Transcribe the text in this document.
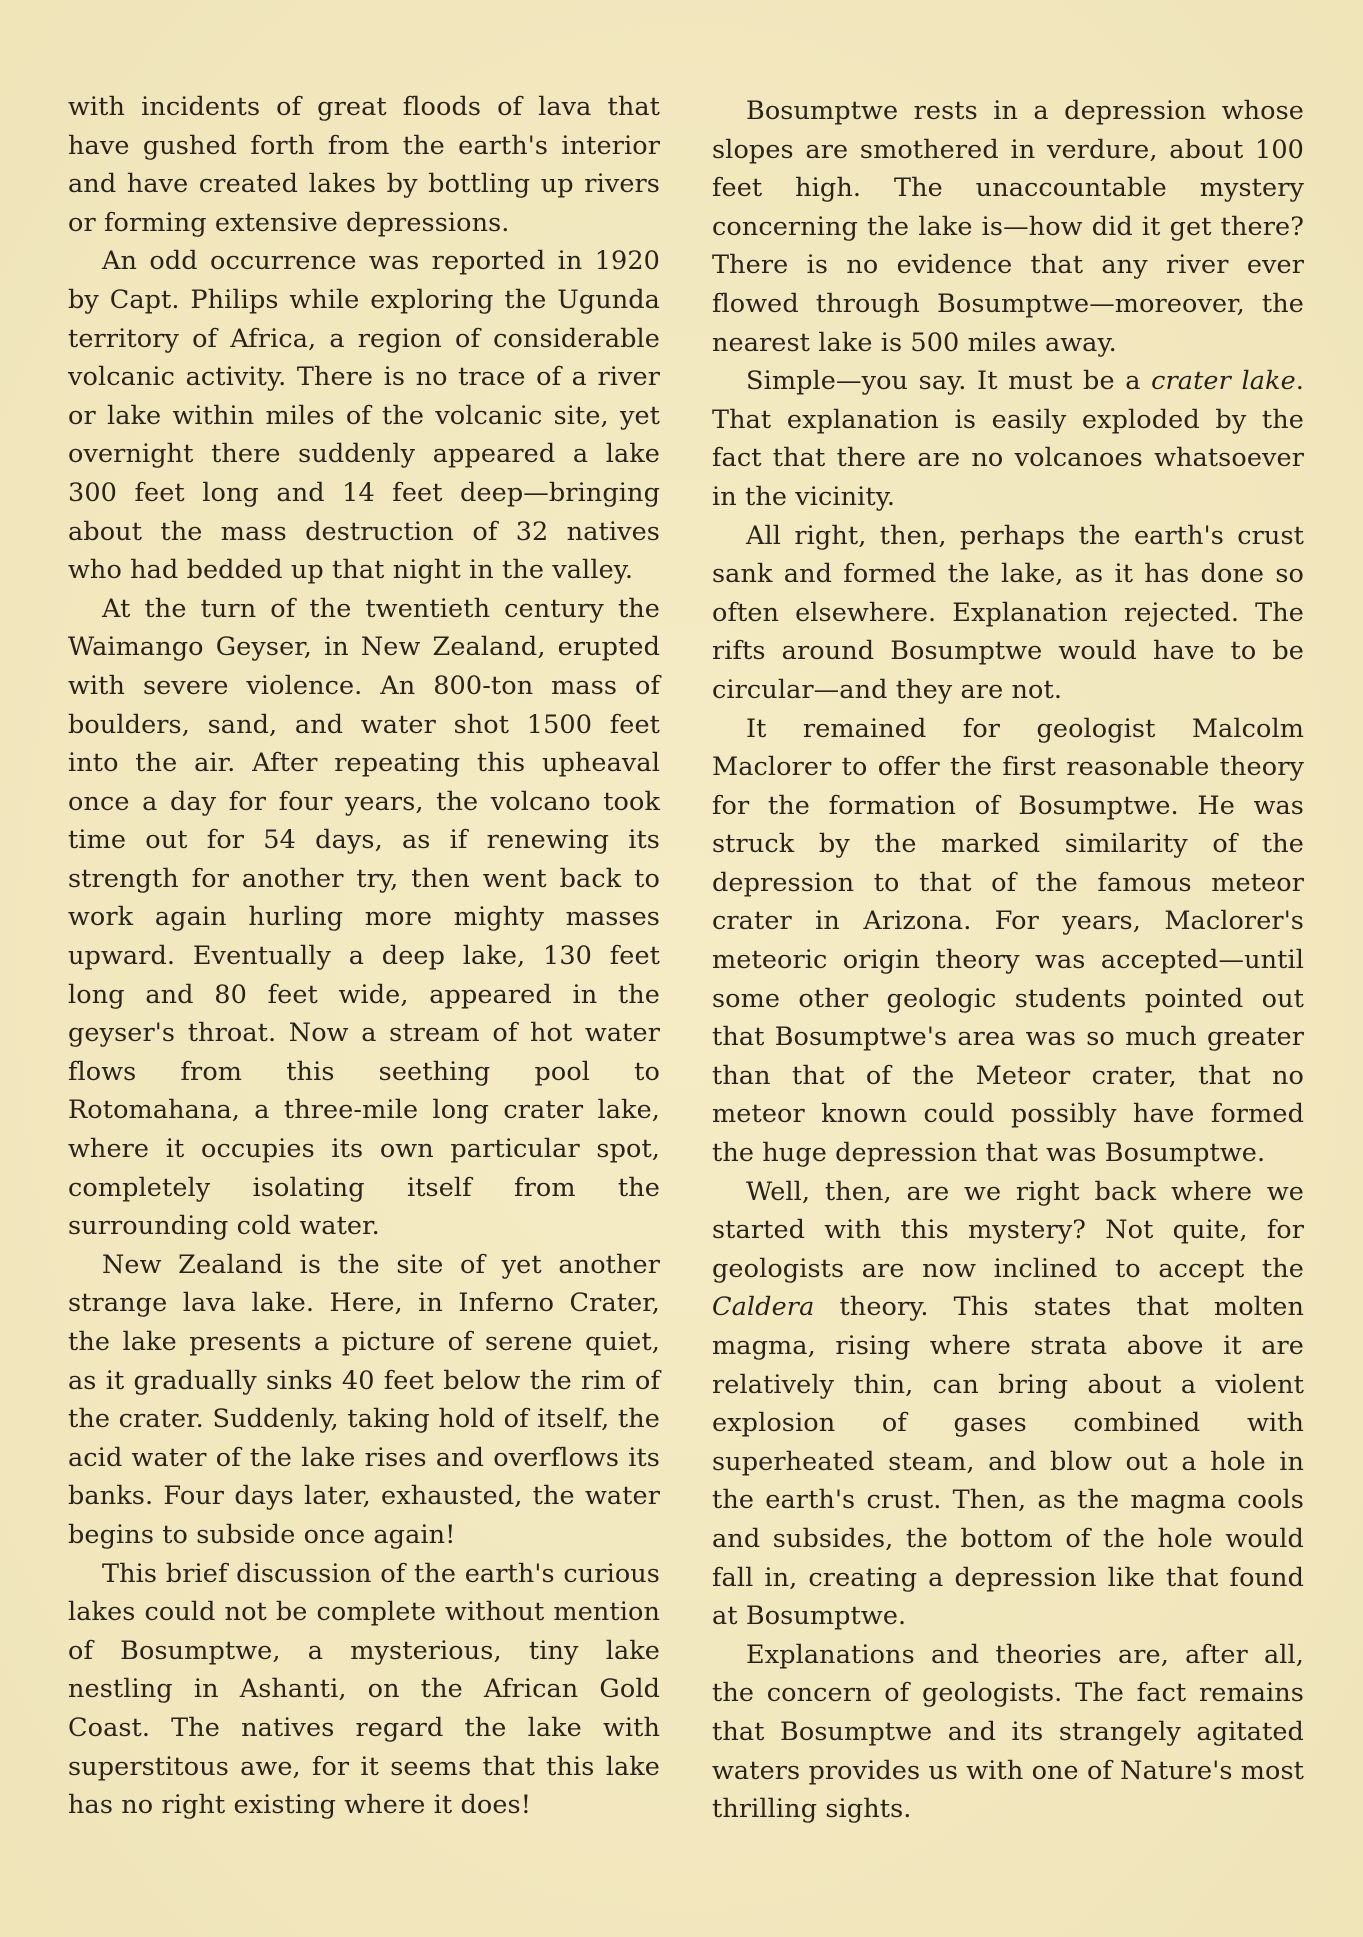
with incidents of great floods of lava that have gushed forth from the earth's interior and have created lakes by bottling up rivers or forming extensive depressions.

An odd occurrence was reported in 1920 by Capt. Philips while exploring the Ugunda territory of Africa, a region of considerable volcanic activity. There is no trace of a river or lake within miles of the volcanic site, yet overnight there suddenly appeared a lake 300 feet long and 14 feet deep—bringing about the mass destruction of 32 natives who had bedded up that night in the valley.

At the turn of the twentieth century the Waimango Geyser, in New Zealand, erupted with severe violence. An 800-ton mass of boulders, sand, and water shot 1500 feet into the air. After repeating this upheaval once a day for four years, the volcano took time out for 54 days, as if renewing its strength for another try, then went back to work again hurling more mighty masses upward. Eventually a deep lake, 130 feet long and 80 feet wide, appeared in the geyser's throat. Now a stream of hot water flows from this seething pool to Rotomahana, a three-mile long crater lake, where it occupies its own particular spot, completely isolating itself from the surrounding cold water.

New Zealand is the site of yet another strange lava lake. Here, in Inferno Crater, the lake presents a picture of serene quiet, as it gradually sinks 40 feet below the rim of the crater. Suddenly, taking hold of itself, the acid water of the lake rises and overflows its banks. Four days later, exhausted, the water begins to subside once again!

This brief discussion of the earth's curious lakes could not be complete without mention of Bosumptwe, a mysterious, tiny lake nestling in Ashanti, on the African Gold Coast. The natives regard the lake with superstitous awe, for it seems that this lake has no right existing where it does!

Bosumptwe rests in a depression whose slopes are smothered in verdure, about 100 feet high. The unaccountable mystery concerning the lake is—how did it get there? There is no evidence that any river ever flowed through Bosumptwe—moreover, the nearest lake is 500 miles away.

Simple—you say. It must be a crater lake. That explanation is easily exploded by the fact that there are no volcanoes whatsoever in the vicinity.

All right, then, perhaps the earth's crust sank and formed the lake, as it has done so often elsewhere. Explanation rejected. The rifts around Bosumptwe would have to be circular—and they are not.

It remained for geologist Malcolm Maclorer to offer the first reasonable theory for the formation of Bosumptwe. He was struck by the marked similarity of the depression to that of the famous meteor crater in Arizona. For years, Maclorer's meteoric origin theory was accepted—until some other geologic students pointed out that Bosumptwe's area was so much greater than that of the Meteor crater, that no meteor known could possibly have formed the huge depression that was Bosumptwe.

Well, then, are we right back where we started with this mystery? Not quite, for geologists are now inclined to accept the Caldera theory. This states that molten magma, rising where strata above it are relatively thin, can bring about a violent explosion of gases combined with superheated steam, and blow out a hole in the earth's crust. Then, as the magma cools and subsides, the bottom of the hole would fall in, creating a depression like that found at Bosumptwe.

Explanations and theories are, after all, the concern of geologists. The fact remains that Bosumptwe and its strangely agitated waters provides us with one of Nature's most thrilling sights.
